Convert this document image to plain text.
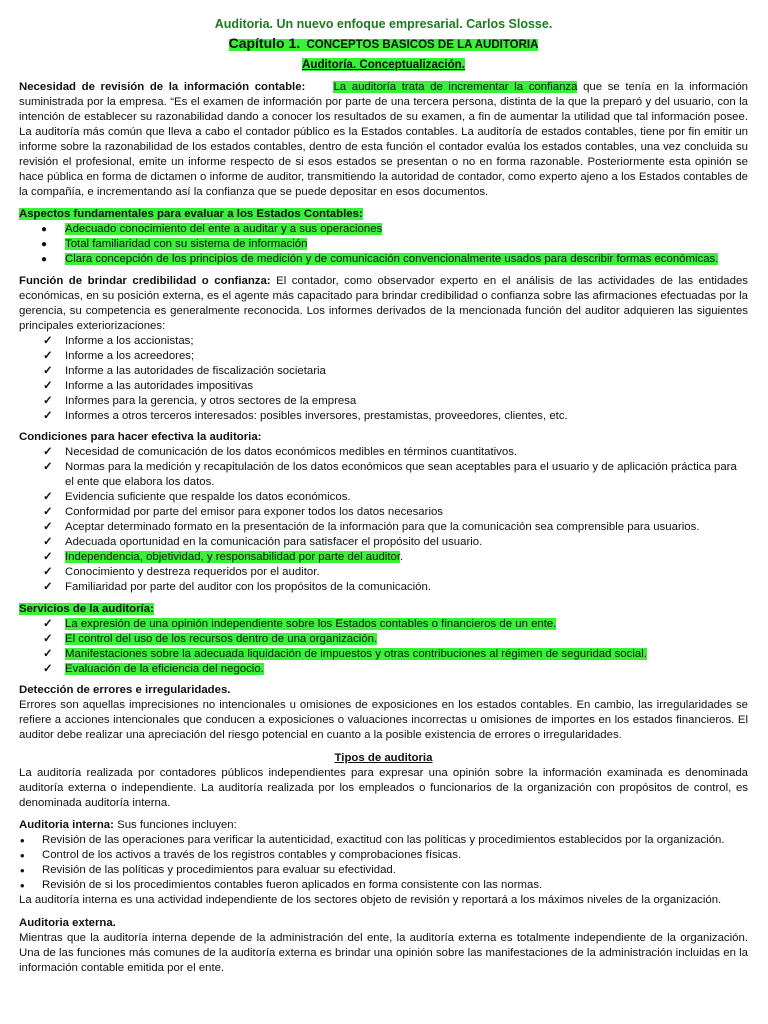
Auditoria. Un nuevo enfoque empresarial. Carlos Slosse.
Capítulo 1. CONCEPTOS BASICOS DE LA AUDITORIA
Auditoría. Conceptualización.

Necesidad de revisión de la información contable: La auditoría trata de incrementar la confianza que se tenía en la información suministrada por la empresa. “Es el examen de información por parte de una tercera persona, distinta de la que la preparó y del usuario, con la intención de establecer su razonabilidad dando a conocer los resultados de su examen, a fin de aumentar la utilidad que tal información posee. La auditoría más común que lleva a cabo el contador público es la Estados contables. La auditoría de estados contables, tiene por fin emitir un informe sobre la razonabilidad de los estados contables, dentro de esta función el contador evalúa los estados contables, una vez concluida su revisión el profesional, emite un informe respecto de si esos estados se presentan o no en forma razonable. Posteriormente esta opinión se hace pública en forma de dictamen o informe de auditor, transmitiendo la autoridad de contador, como experto ajeno a los Estados contables de la compañía, e incrementando así la confianza que se puede depositar en esos documentos.

Aspectos fundamentales para evaluar a los Estados Contables:
● Adecuado conocimiento del ente a auditar y a sus operaciones
● Total familiaridad con su sistema de información
● Clara concepción de los principios de medición y de comunicación convencionalmente usados para describir formas económicas.

Función de brindar credibilidad o confianza: El contador, como observador experto en el análisis de las actividades de las entidades económicas, en su posición externa, es el agente más capacitado para brindar credibilidad o confianza sobre las afirmaciones efectuadas por la gerencia, su competencia es generalmente reconocida. Los informes derivados de la mencionada función del auditor adquieren las siguientes principales exteriorizaciones:

✓ Informe a los accionistas;
✓ Informe a los acreedores;
✓ Informe a las autoridades de fiscalización societaria
✓ Informe a las autoridades impositivas
✓ Informes para la gerencia, y otros sectores de la empresa
✓ Informes a otros terceros interesados: posibles inversores, prestamistas, proveedores, clientes, etc.
Condiciones para hacer efectiva la auditoria:
✓ Necesidad de comunicación de los datos económicos medibles en términos cuantitativos.
✓ Normas para la medición y recapitulación de los datos económicos que sean aceptables para el usuario y de aplicación práctica para el ente que elabora los datos.
✓ Evidencia suficiente que respalde los datos económicos.
✓ Conformidad por parte del emisor para exponer todos los datos necesarios
✓ Aceptar determinado formato en la presentación de la información para que la comunicación sea comprensible para usuarios.
✓ Adecuada oportunidad en la comunicación para satisfacer el propósito del usuario.
✓ Independencia, objetividad, y responsabilidad por parte del auditor.
✓ Conocimiento y destreza requeridos por el auditor.
✓ Familiaridad por parte del auditor con los propósitos de la comunicación.
Servicios de la auditoría:
✓ La expresión de una opinión independiente sobre los Estados contables o financieros de un ente.
✓ El control del uso de los recursos dentro de una organización.
✓ Manifestaciones sobre la adecuada liquidación de impuestos y otras contribuciones al régimen de seguridad social.
✓ Evaluación de la eficiencia del negocio.
Detección de errores e irregularidades.

Errores son aquellas imprecisiones no intencionales u omisiones de exposiciones en los estados contables. En cambio, las irregularidades se refiere a acciones intencionales que conducen a exposiciones o valuaciones incorrectas u omisiones de importes en los estados financieros. El auditor debe realizar una apreciación del riesgo potencial en cuanto a la posible existencia de errores o irregularidades.

Tipos de auditoria

La auditoría realizada por contadores públicos independientes para expresar una opinión sobre la información examinada es denominada auditoría externa o independiente. La auditoría realizada por los empleados o funcionarios de la organización con propósitos de control, es denominada auditoría interna.

Auditoria interna: Sus funciones incluyen:
• Revisión de las operaciones para verificar la autenticidad, exactitud con las políticas y procedimientos establecidos por la organización.
• Control de los activos a través de los registros contables y comprobaciones físicas.
• Revisión de las políticas y procedimientos para evaluar su efectividad.
• Revisión de si los procedimientos contables fueron aplicados en forma consistente con las normas.

La auditoría interna es una actividad independiente de los sectores objeto de revisión y reportará a los máximos niveles de la organización.

Auditoria externa.

Mientras que la auditoría interna depende de la administración del ente, la auditoría externa es totalmente independiente de la organización. Una de las funciones más comunes de la auditoría externa es brindar una opinión sobre las manifestaciones de la administración incluidas en la información contable emitida por el ente.
